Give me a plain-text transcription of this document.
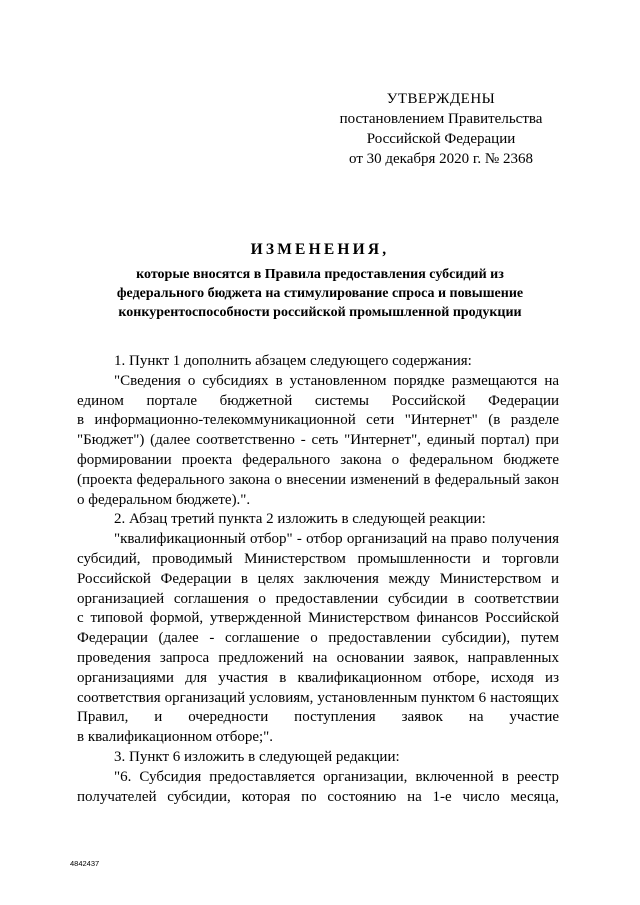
УТВЕРЖДЕНЫ
постановлением Правительства
Российской Федерации
от 30 декабря 2020 г. № 2368
ИЗМЕНЕНИЯ,
которые вносятся в Правила предоставления субсидий из
федерального бюджета на стимулирование спроса и повышение
конкурентоспособности российской промышленной продукции
1. Пункт 1 дополнить абзацем следующего содержания:
"Сведения о субсидиях в установленном порядке размещаются на
едином портале бюджетной системы Российской Федерации
в информационно-телекоммуникационной сети "Интернет" (в разделе
"Бюджет") (далее соответственно - сеть "Интернет", единый портал) при
формировании проекта федерального закона о федеральном бюджете
(проекта федерального закона о внесении изменений в федеральный закон
о федеральном бюджете).".
2. Абзац третий пункта 2 изложить в следующей реакции:
"квалификационный отбор" - отбор организаций на право получения
субсидий, проводимый Министерством промышленности и торговли
Российской Федерации в целях заключения между Министерством и
организацией соглашения о предоставлении субсидии в соответствии
с типовой формой, утвержденной Министерством финансов Российской
Федерации (далее - соглашение о предоставлении субсидии), путем
проведения запроса предложений на основании заявок, направленных
организациями для участия в квалификационном отборе, исходя из
соответствия организаций условиям, установленным пунктом 6 настоящих
Правил, и очередности поступления заявок на участие
в квалификационном отборе;".
3. Пункт 6 изложить в следующей редакции:
"6. Субсидия предоставляется организации, включенной в реестр
получателей субсидии, которая по состоянию на 1-е число месяца,
4842437
